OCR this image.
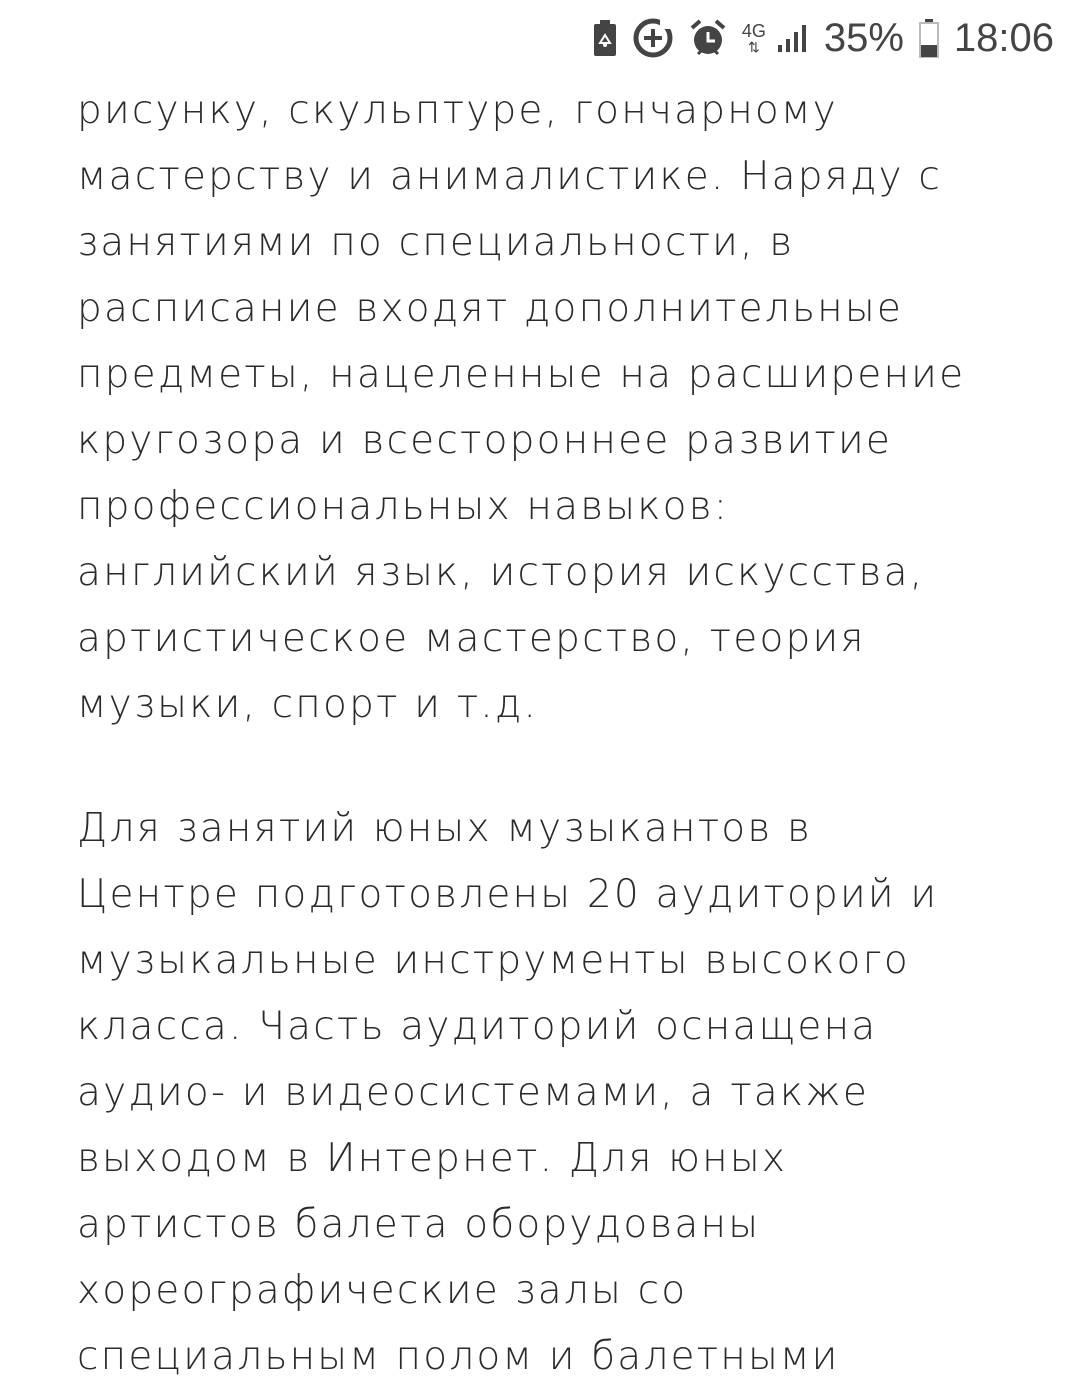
4G
⇅ 35% 18:06
рисунку, скульптуре, гончарному
мастерству и анималистике. Наряду с
занятиями по специальности, в
расписание входят дополнительные
предметы, нацеленные на расширение
кругозора и всестороннее развитие
профессиональных навыков:
английский язык, история искусства,
артистическое мастерство, теория
музыки, спорт и т.д.
Для занятий юных музыкантов в
Центре подготовлены 20 аудиторий и
музыкальные инструменты высокого
класса. Часть аудиторий оснащена
аудио- и видеосистемами, а также
выходом в Интернет. Для юных
артистов балета оборудованы
хореографические залы со
специальным полом и балетными
